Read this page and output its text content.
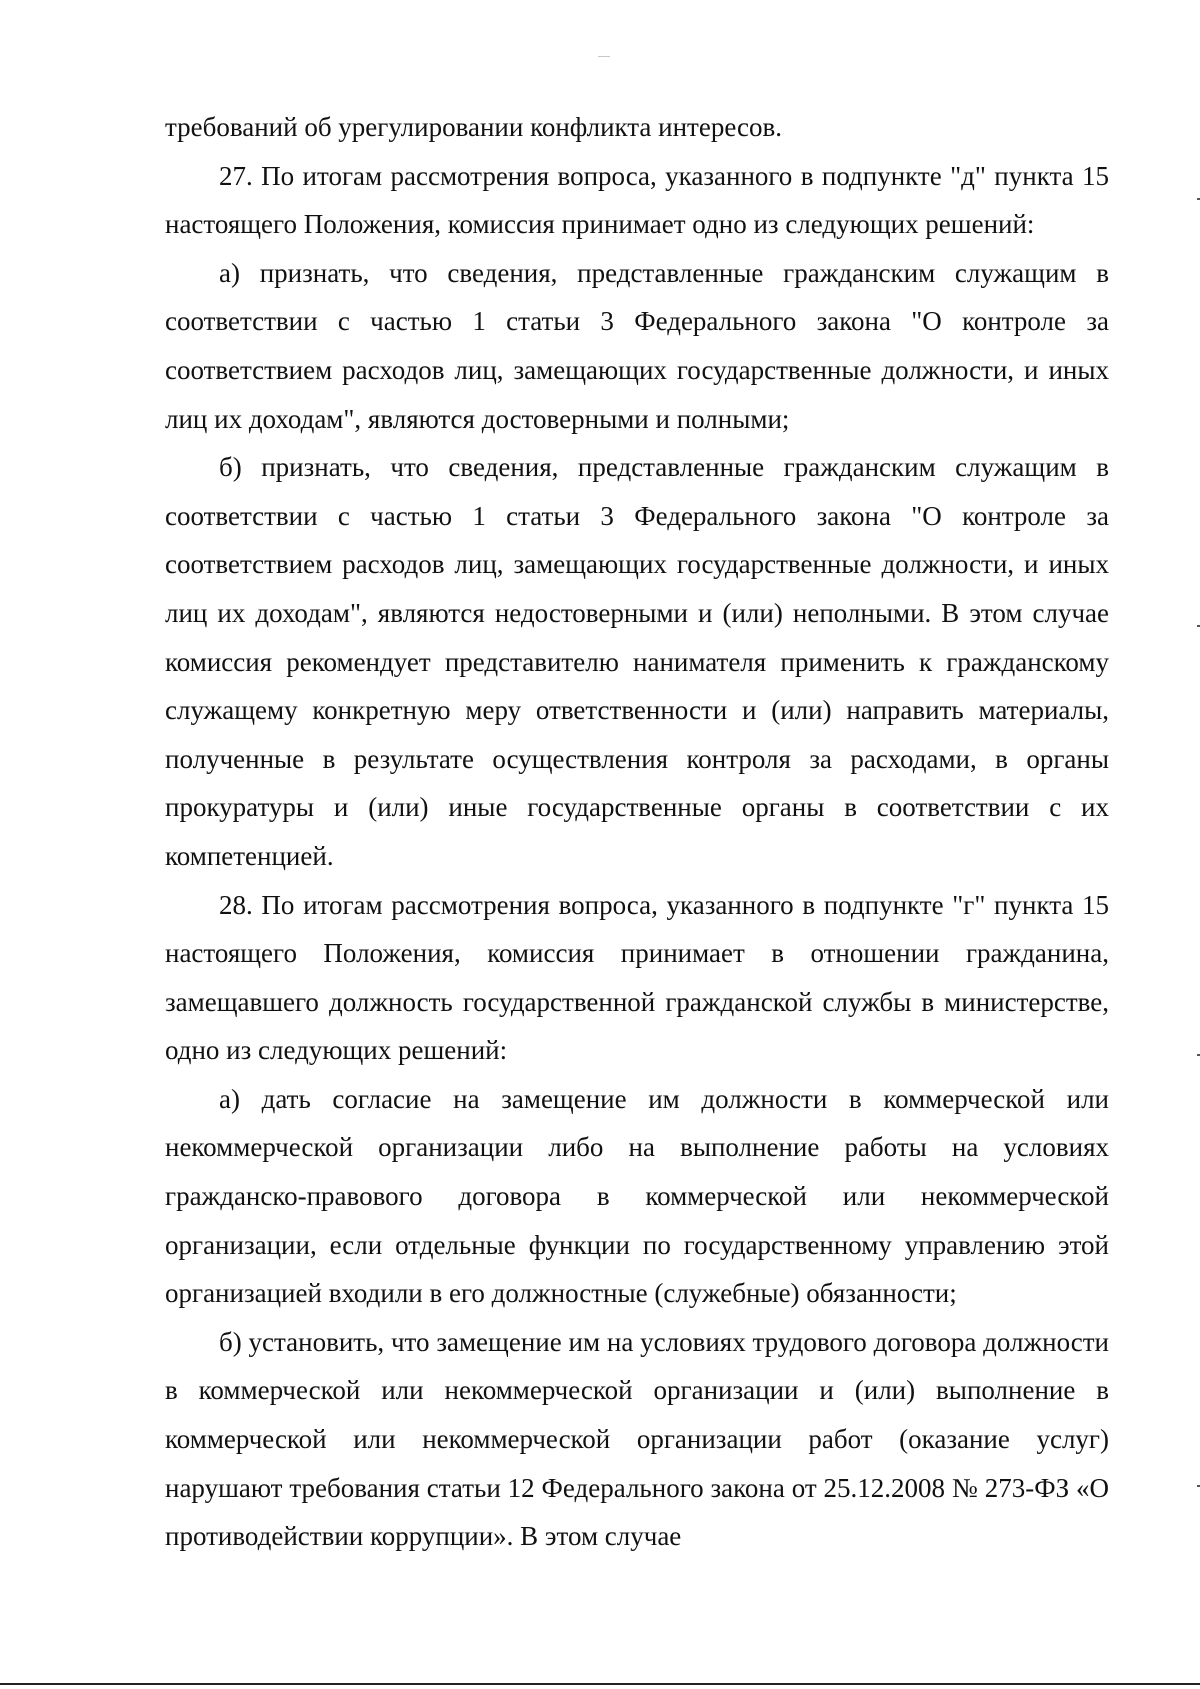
требований об урегулировании конфликта интересов.

27. По итогам рассмотрения вопроса, указанного в подпункте "д" пункта 15 настоящего Положения, комиссия принимает одно из следующих решений:

а) признать, что сведения, представленные гражданским служащим в соответствии с частью 1 статьи 3 Федерального закона "О контроле за соответствием расходов лиц, замещающих государственные должности, и иных лиц их доходам", являются достоверными и полными;

б) признать, что сведения, представленные гражданским служащим в соответствии с частью 1 статьи 3 Федерального закона "О контроле за соответствием расходов лиц, замещающих государственные должности, и иных лиц их доходам", являются недостоверными и (или) неполными. В этом случае комиссия рекомендует представителю нанимателя применить к гражданскому служащему конкретную меру ответственности и (или) направить материалы, полученные в результате осуществления контроля за расходами, в органы прокуратуры и (или) иные государственные органы в соответствии с их компетенцией.

28. По итогам рассмотрения вопроса, указанного в подпункте "г" пункта 15 настоящего Положения, комиссия принимает в отношении гражданина, замещавшего должность государственной гражданской службы в министерстве, одно из следующих решений:

а) дать согласие на замещение им должности в коммерческой или некоммерческой организации либо на выполнение работы на условиях гражданско-правового договора в коммерческой или некоммерческой организации, если отдельные функции по государственному управлению этой организацией входили в его должностные (служебные) обязанности;

б) установить, что замещение им на условиях трудового договора должности в коммерческой или некоммерческой организации и (или) выполнение в коммерческой или некоммерческой организации работ (оказание услуг) нарушают требования статьи 12 Федерального закона от 25.12.2008 № 273-ФЗ «О противодействии коррупции». В этом случае
